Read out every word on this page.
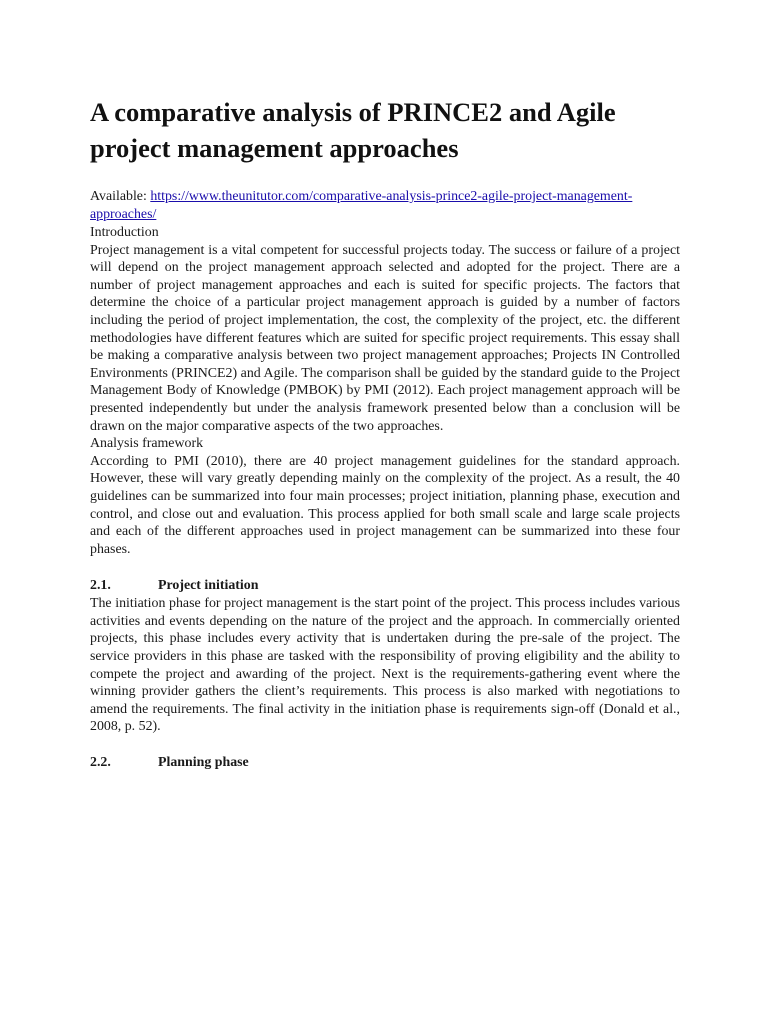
A comparative analysis of PRINCE2 and Agile project management approaches

Available: https://www.theunitutor.com/comparative-analysis-prince2-agile-project-management-approaches/

Introduction

Project management is a vital competent for successful projects today. The success or failure of a project will depend on the project management approach selected and adopted for the project. There are a number of project management approaches and each is suited for specific projects. The factors that determine the choice of a particular project management approach is guided by a number of factors including the period of project implementation, the cost, the complexity of the project, etc. the different methodologies have different features which are suited for specific project requirements. This essay shall be making a comparative analysis between two project management approaches; Projects IN Controlled Environments (PRINCE2) and Agile. The comparison shall be guided by the standard guide to the Project Management Body of Knowledge (PMBOK) by PMI (2012). Each project management approach will be presented independently but under the analysis framework presented below than a conclusion will be drawn on the major comparative aspects of the two approaches.

Analysis framework

According to PMI (2010), there are 40 project management guidelines for the standard approach. However, these will vary greatly depending mainly on the complexity of the project. As a result, the 40 guidelines can be summarized into four main processes; project initiation, planning phase, execution and control, and close out and evaluation. This process applied for both small scale and large scale projects and each of the different approaches used in project management can be summarized into these four phases.

2.1.	Project initiation

The initiation phase for project management is the start point of the project. This process includes various activities and events depending on the nature of the project and the approach. In commercially oriented projects, this phase includes every activity that is undertaken during the pre-sale of the project. The service providers in this phase are tasked with the responsibility of proving eligibility and the ability to compete the project and awarding of the project. Next is the requirements-gathering event where the winning provider gathers the client’s requirements. This process is also marked with negotiations to amend the requirements. The final activity in the initiation phase is requirements sign-off (Donald et al., 2008, p. 52).

2.2.	Planning phase
